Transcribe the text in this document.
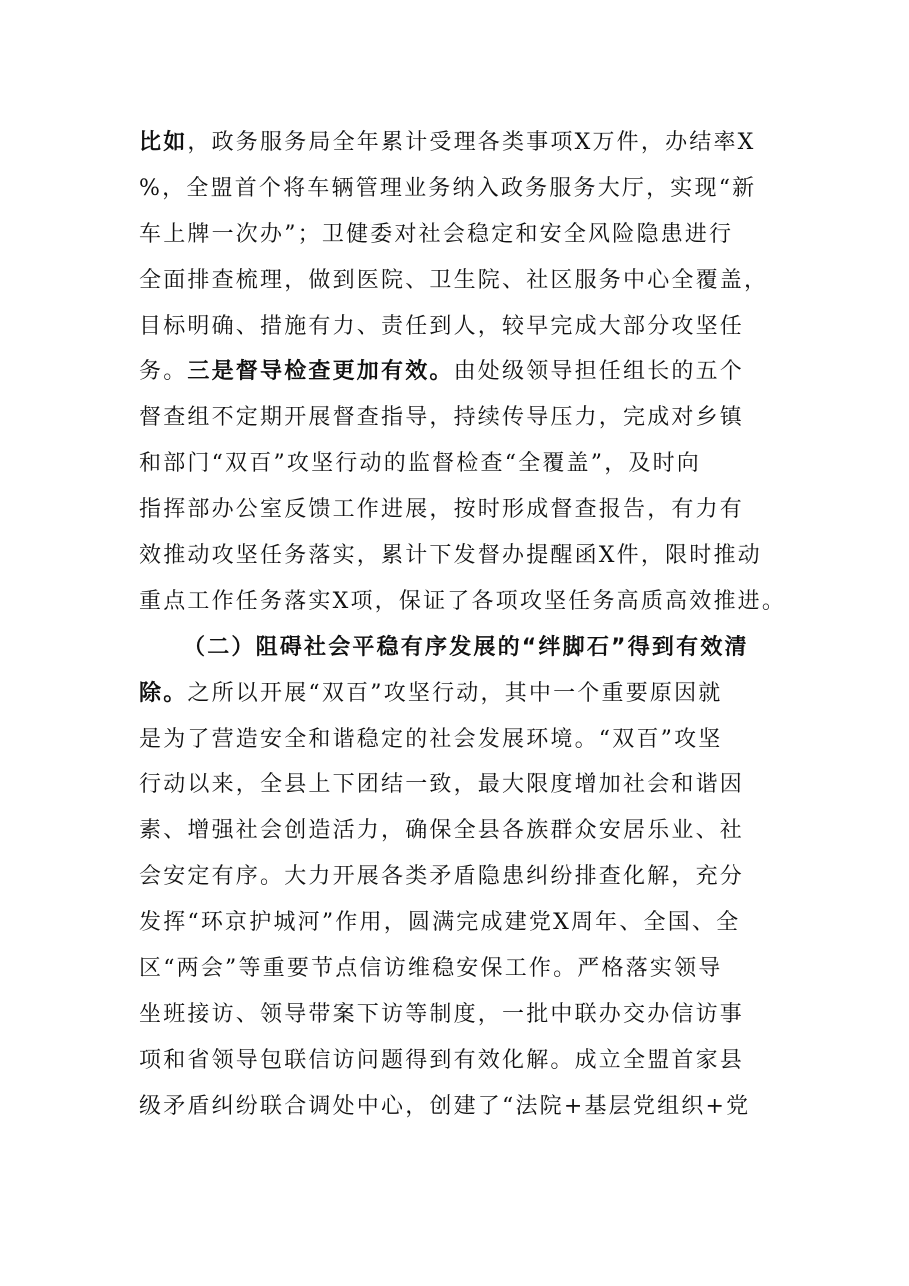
比如，政务服务局全年累计受理各类事项X万件，办结率X
%，全盟首个将车辆管理业务纳入政务服务大厅，实现“新
车上牌一次办”；卫健委对社会稳定和安全风险隐患进行
全面排查梳理，做到医院、卫生院、社区服务中心全覆盖，
目标明确、措施有力、责任到人，较早完成大部分攻坚任
务。三是督导检查更加有效。由处级领导担任组长的五个
督查组不定期开展督查指导，持续传导压力，完成对乡镇
和部门“双百”攻坚行动的监督检查“全覆盖”，及时向
指挥部办公室反馈工作进展，按时形成督查报告，有力有
效推动攻坚任务落实，累计下发督办提醒函X件，限时推动
重点工作任务落实X项，保证了各项攻坚任务高质高效推进。
（二）阻碍社会平稳有序发展的“绊脚石”得到有效清
除。之所以开展“双百”攻坚行动，其中一个重要原因就
是为了营造安全和谐稳定的社会发展环境。“双百”攻坚
行动以来，全县上下团结一致，最大限度增加社会和谐因
素、增强社会创造活力，确保全县各族群众安居乐业、社
会安定有序。大力开展各类矛盾隐患纠纷排查化解，充分
发挥“环京护城河”作用，圆满完成建党X周年、全国、全
区“两会”等重要节点信访维稳安保工作。严格落实领导
坐班接访、领导带案下访等制度，一批中联办交办信访事
项和省领导包联信访问题得到有效化解。成立全盟首家县
级矛盾纠纷联合调处中心，创建了“法院+基层党组织+党
